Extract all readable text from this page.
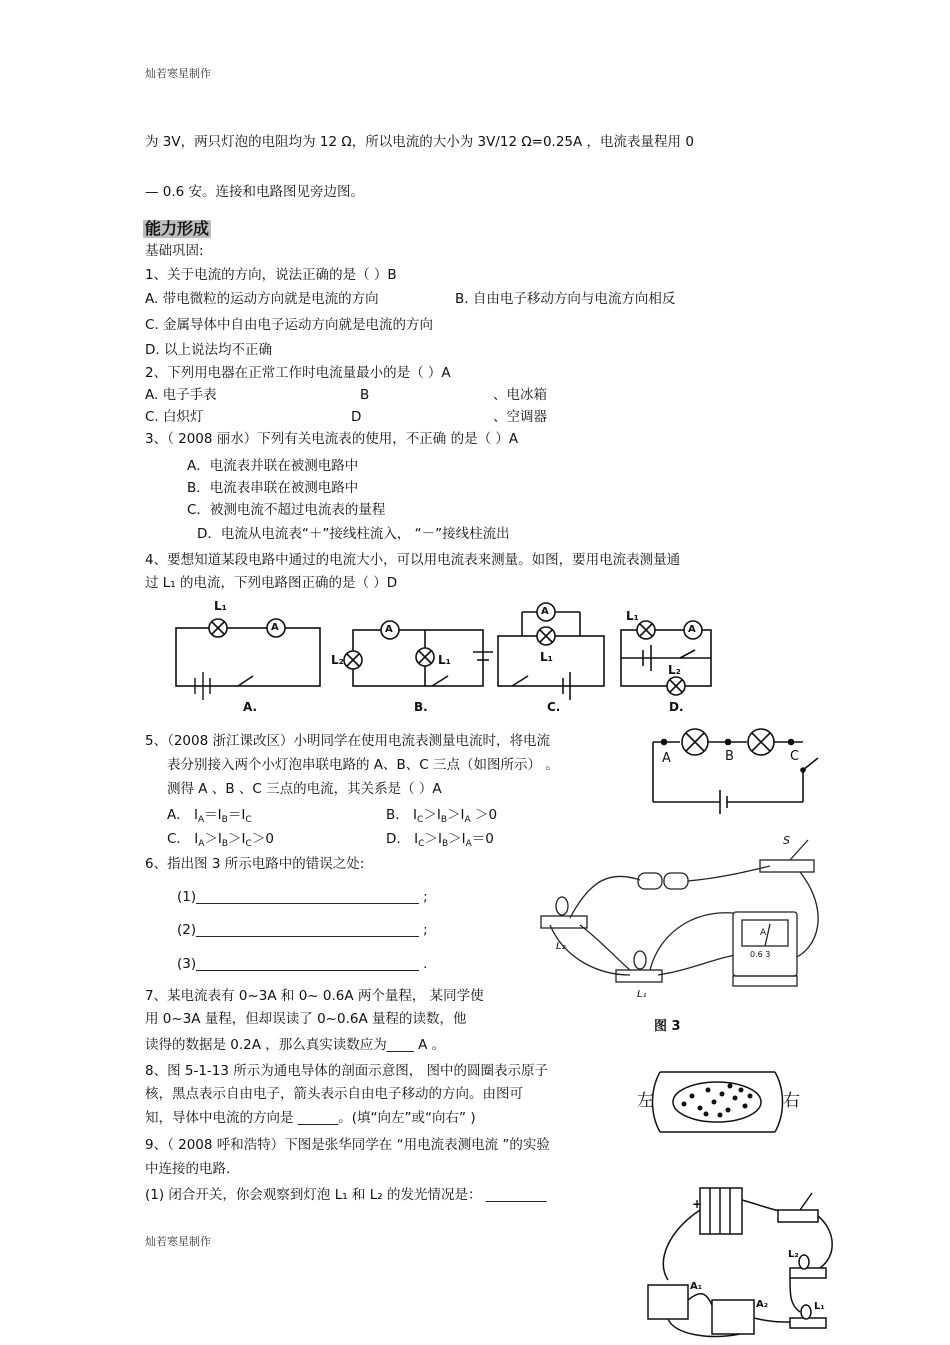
灿若寒星制作
灿若寒星制作
为 3V，两只灯泡的电阻均为 12 Ω，所以电流的大小为 3V/12 Ω=0.25A ，电流表量程用 0
— 0.6 安。连接和电路图见旁边图。
能力形成
基础巩固:
1、关于电流的方向，说法正确的是（ ）B
A. 带电微粒的运动方向就是电流的方向	B. 自由电子移动方向与电流方向相反
C. 金属导体中自由电子运动方向就是电流的方向
D. 以上说法均不正确
2、下列用电器在正常工作时电流量最小的是（ ）A
A. 电子手表	B	、电冰箱
C. 白炽灯	D	、空调器
3、（ 2008 丽水）下列有关电流表的使用，不正确 的是（ ）A
A．电流表并联在被测电路中
B．电流表串联在被测电路中
C．被测电流不超过电流表的量程
D．电流从电流表“＋”接线柱流入， “－”接线柱流出
4、要想知道某段电路中通过的电流大小，可以用电流表来测量。如图，要用电流表测量通
过 L₁ 的电流，下列电路图正确的是（ ）D
A
L₁
A.
A
L₂	L₁
B.
A
L₁
C.
A
L₁
L₂
D.
5、（2008 浙江课改区）小明同学在使用电流表测量电流时，将电流
表分别接入两个小灯泡串联电路的 A、B、C 三点（如图所示） 。
测得 A 、B 、C 三点的电流，其关系是（ ）A
A． $I_A=I_B=I_C$	B． $I_C>I_B>I_A >0$
C． $I_A>I_B>I_C>0$	D． $I_C>I_B>I_A=0$
A	B	C
6、指出图 3 所示电路中的错误之处:
(1)_________________________________ ;
(2)_________________________________ ;
(3)_________________________________ .
S
L₂
L₁
A
0.6 3
图 3
7、某电流表有 0~3A 和 0~ 0.6A 两个量程， 某同学使
用 0~3A 量程，但却误读了 0~0.6A 量程的读数，他
读得的数据是 0.2A ，那么真实读数应为____ A 。
8、图 5-1-13 所示为通电导体的剖面示意图， 图中的圆圈表示原子
核，黑点表示自由电子，箭头表示自由电子移动的方向。由图可
知，导体中电流的方向是 ______。(填“向左”或“向右” )
左	右
9、（ 2008 呼和浩特）下图是张华同学在 “用电流表测电流 ”的实验
中连接的电路.
(1) 闭合开关，你会观察到灯泡 L₁ 和 L₂ 的发光情况是： _________
+
L₂
A₁
A₂	L₁
